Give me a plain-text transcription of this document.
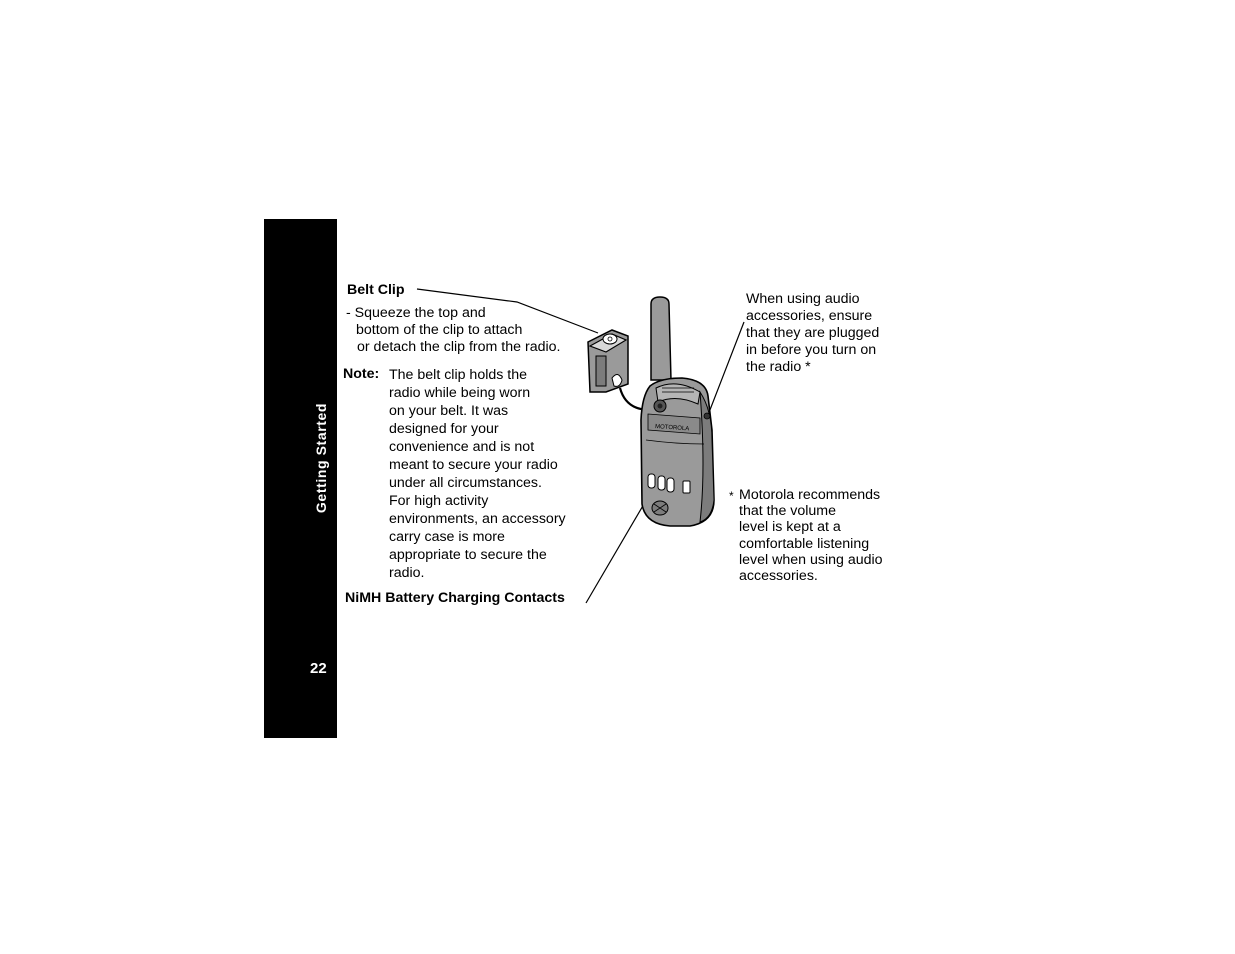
Getting Started
22
MOTOROLA
Belt Clip
- Squeeze the top and
bottom of the clip to attach
or detach the clip from the radio.
Note: The belt clip holds the
radio while being worn
on your belt. It was
designed for your
convenience and is not
meant to secure your radio
under all circumstances.
For high activity
environments, an accessory
carry case is more
appropriate to secure the
radio.
NiMH Battery Charging Contacts
When using audio
accessories, ensure
that they are plugged
in before you turn on
the radio *
* Motorola recommends
that the volume
level is kept at a
comfortable listening
level when using audio
accessories.
